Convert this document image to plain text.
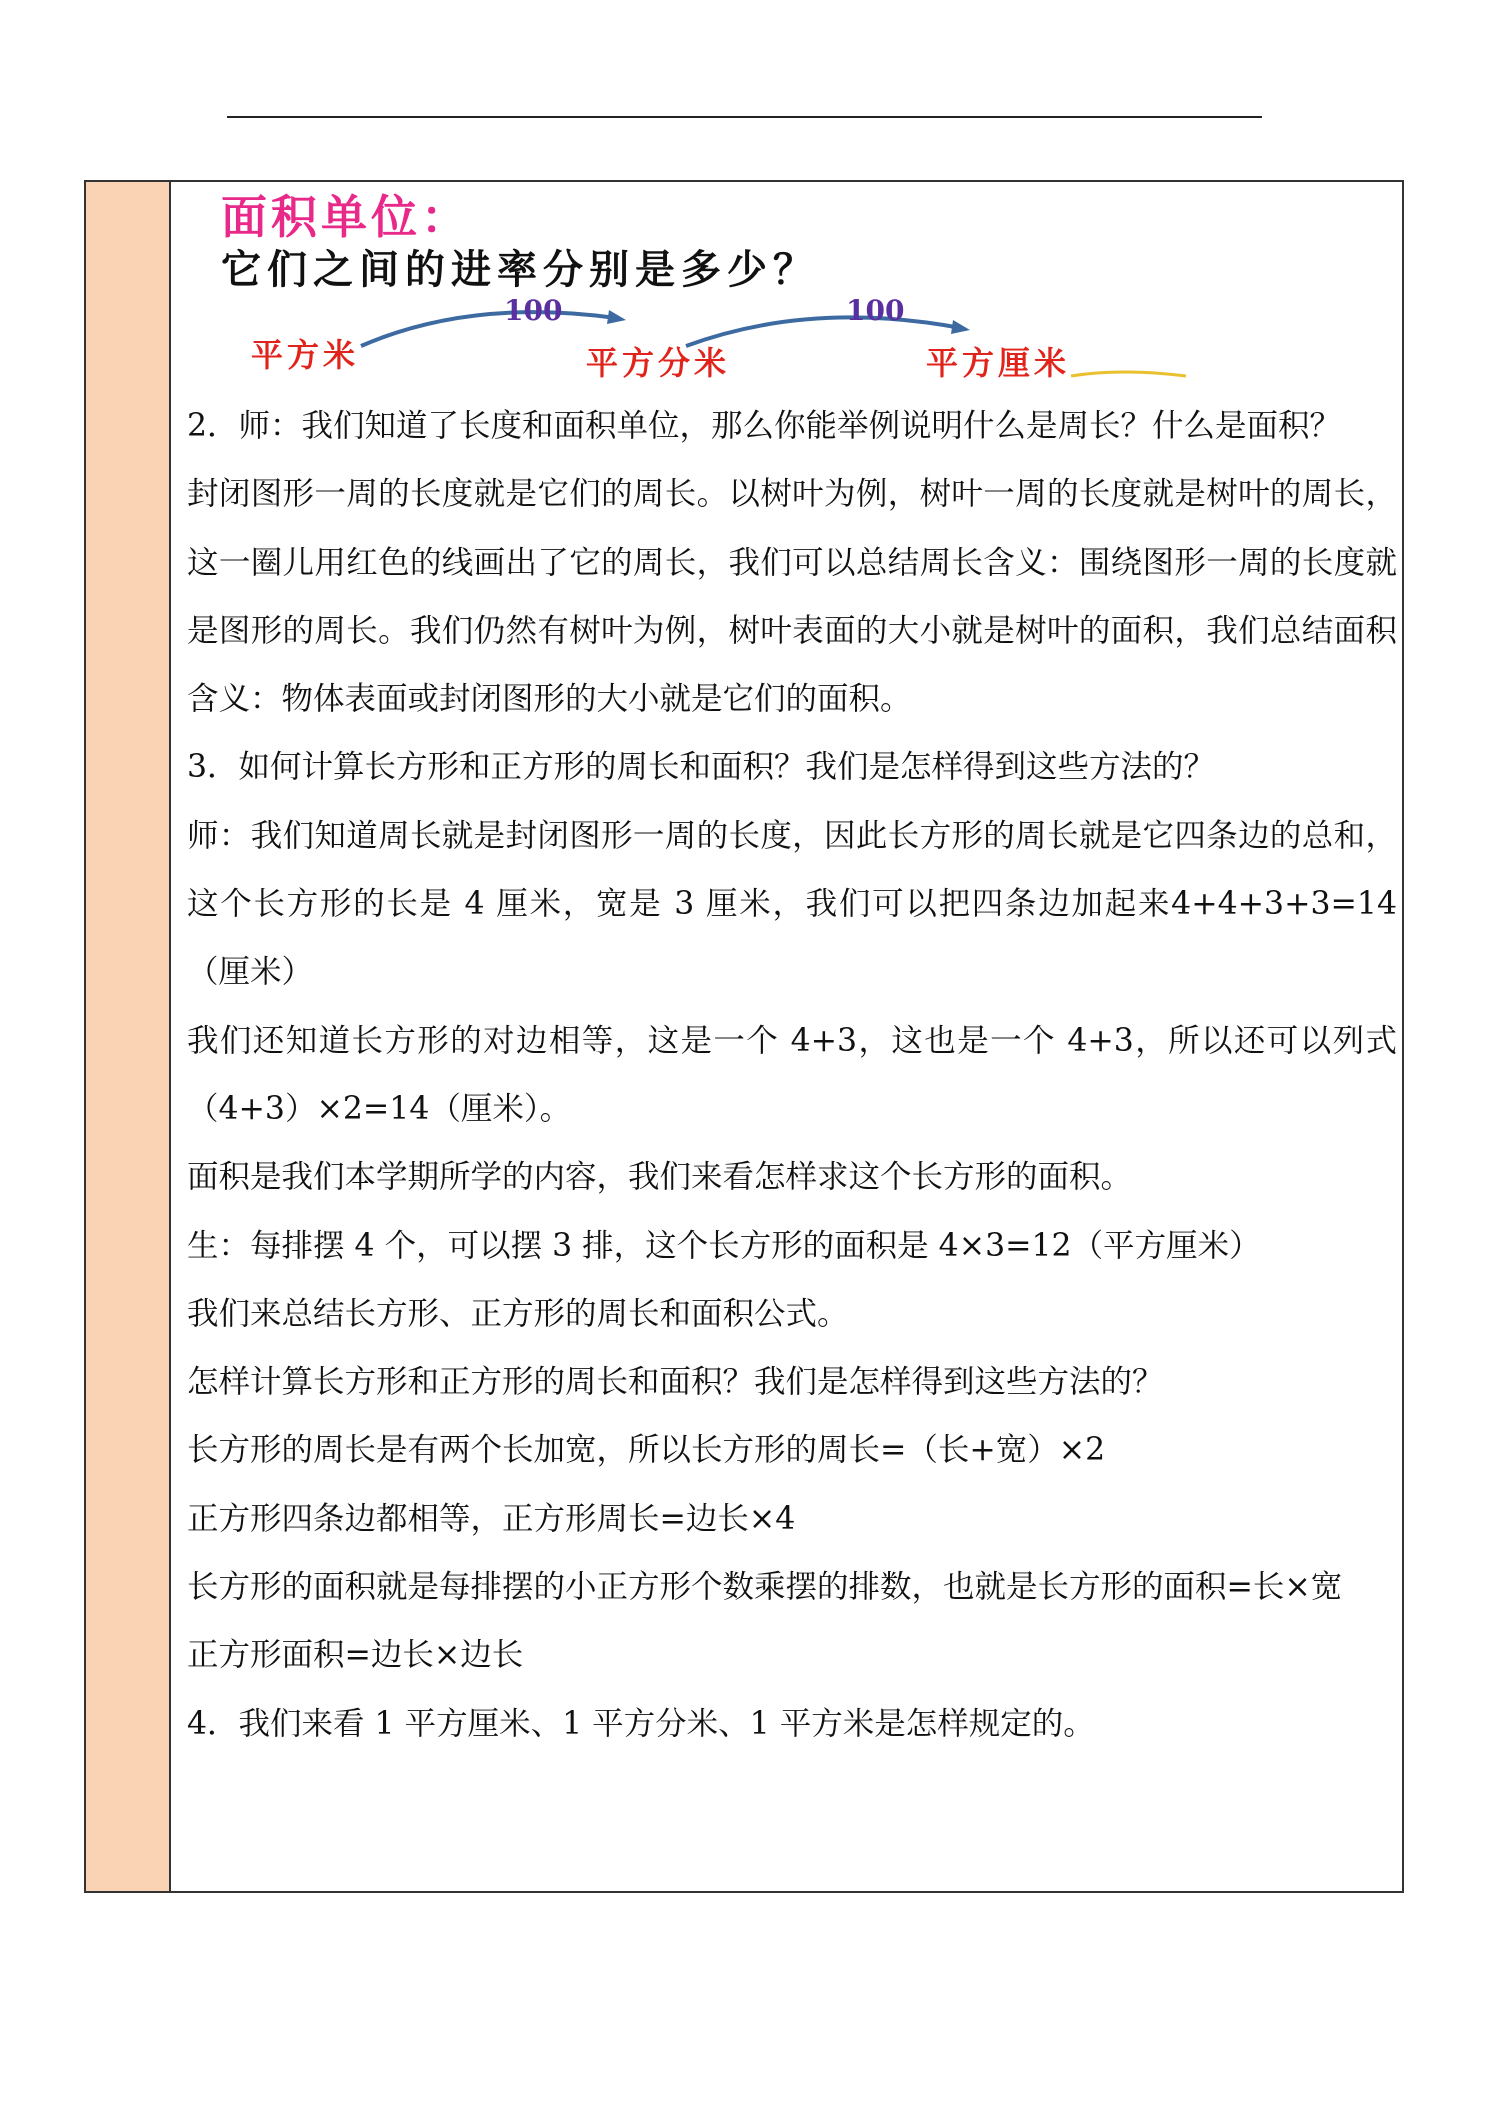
面积单位：

它们之间的进率分别是多少？

100	100
平方米	平方分米	平方厘米

2．师：我们知道了长度和面积单位，那么你能举例说明什么是周长？什么是面积？

封闭图形一周的长度就是它们的周长。以树叶为例，树叶一周的长度就是树叶的周长，这一圈儿用红色的线画出了它的周长，我们可以总结周长含义：围绕图形一周的长度就是图形的周长。我们仍然有树叶为例，树叶表面的大小就是树叶的面积，我们总结面积含义：物体表面或封闭图形的大小就是它们的面积。

3．如何计算长方形和正方形的周长和面积？我们是怎样得到这些方法的？

师：我们知道周长就是封闭图形一周的长度，因此长方形的周长就是它四条边的总和，这个长方形的长是 4 厘米，宽是 3 厘米，我们可以把四条边加起来4+4+3+3=14（厘米）

我们还知道长方形的对边相等，这是一个 4+3，这也是一个 4+3，所以还可以列式（4+3）×2=14（厘米）。

面积是我们本学期所学的内容，我们来看怎样求这个长方形的面积。

生：每排摆 4 个，可以摆 3 排，这个长方形的面积是 4×3=12（平方厘米）

我们来总结长方形、正方形的周长和面积公式。

怎样计算长方形和正方形的周长和面积？我们是怎样得到这些方法的？

长方形的周长是有两个长加宽，所以长方形的周长=（长+宽）×2

正方形四条边都相等，正方形周长=边长×4

长方形的面积就是每排摆的小正方形个数乘摆的排数，也就是长方形的面积=长×宽

正方形面积=边长×边长

4．我们来看 1 平方厘米、1 平方分米、1 平方米是怎样规定的。
